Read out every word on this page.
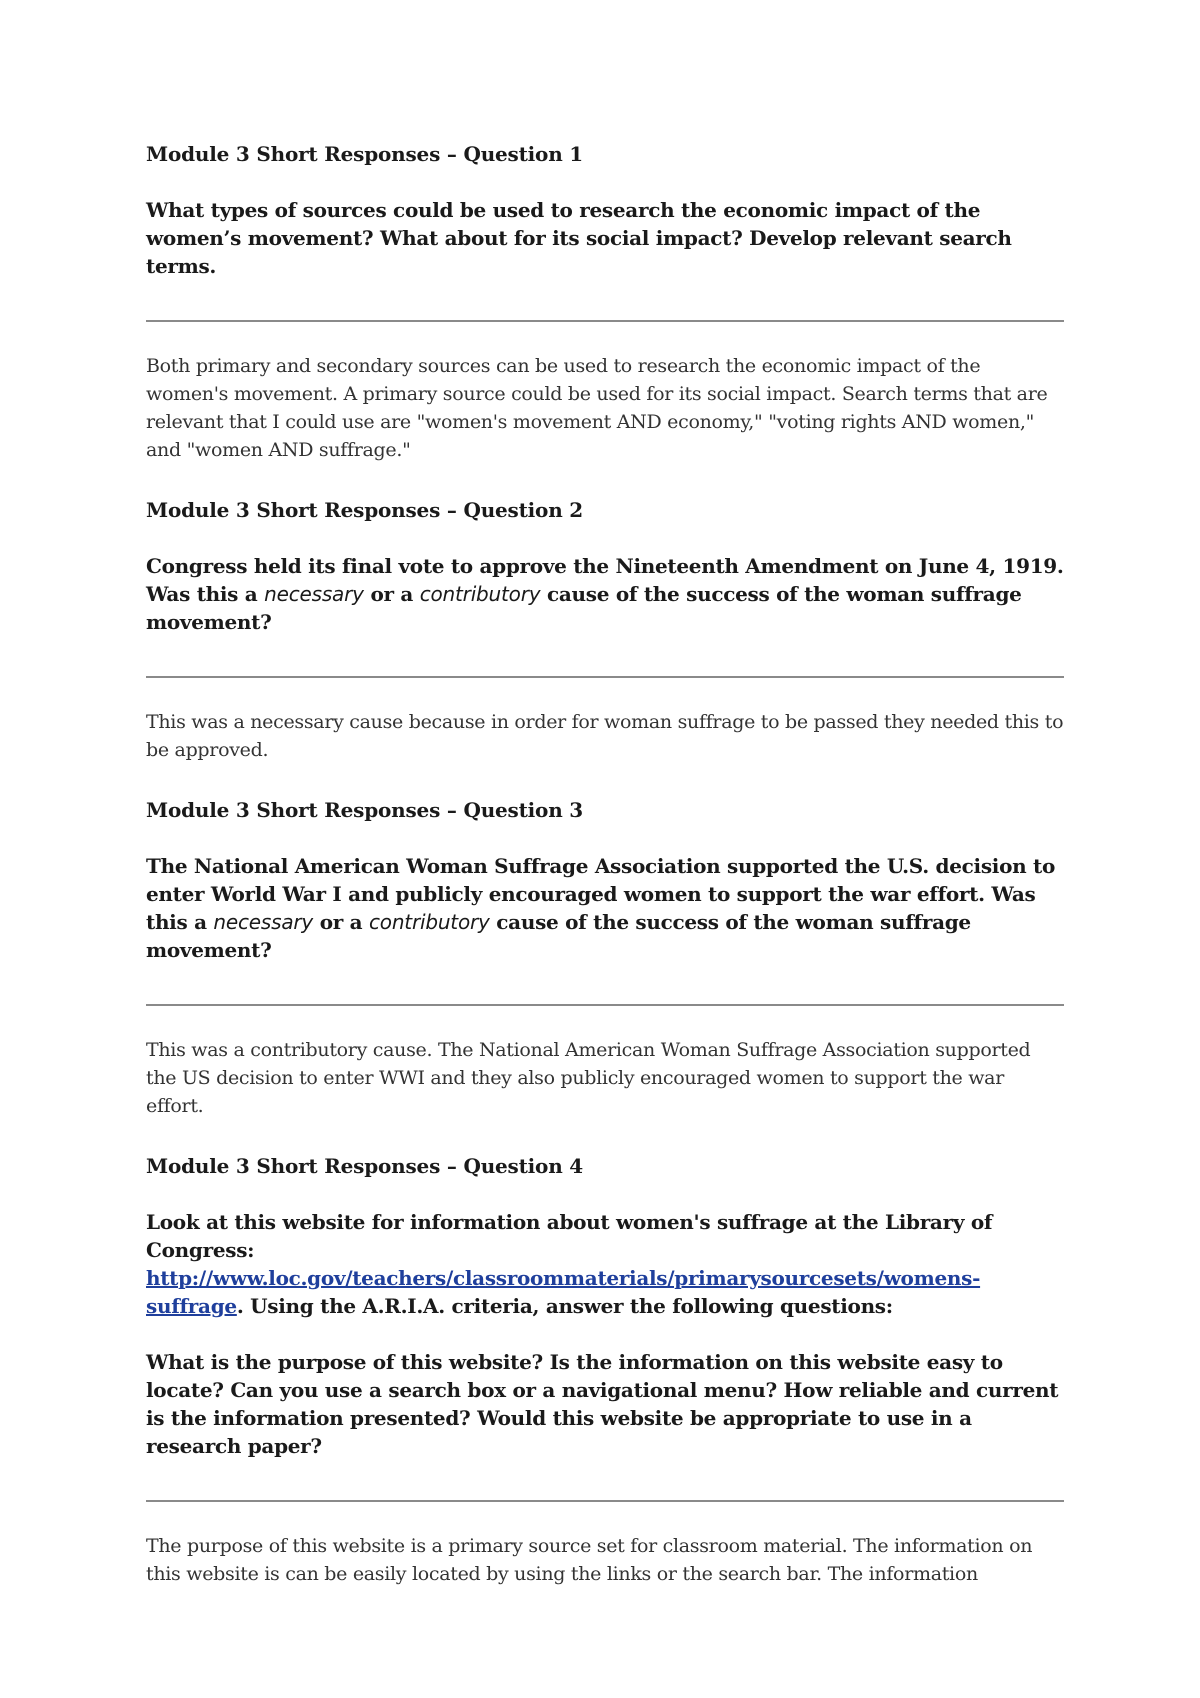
Module 3 Short Responses – Question 1

What types of sources could be used to research the economic impact of the women’s movement? What about for its social impact? Develop relevant search terms.

Both primary and secondary sources can be used to research the economic impact of the women's movement. A primary source could be used for its social impact. Search terms that are relevant that I could use are "women's movement AND economy," "voting rights AND women," and "women AND suffrage."

Module 3 Short Responses – Question 2

Congress held its final vote to approve the Nineteenth Amendment on June 4, 1919. Was this a necessary or a contributory cause of the success of the woman suffrage movement?

This was a necessary cause because in order for woman suffrage to be passed they needed this to be approved.

Module 3 Short Responses – Question 3

The National American Woman Suffrage Association supported the U.S. decision to enter World War I and publicly encouraged women to support the war effort. Was this a necessary or a contributory cause of the success of the woman suffrage movement?

This was a contributory cause. The National American Woman Suffrage Association supported the US decision to enter WWI and they also publicly encouraged women to support the war effort.

Module 3 Short Responses – Question 4

Look at this website for information about women's suffrage at the Library of Congress: http://www.loc.gov/teachers/classroommaterials/primarysourcesets/womens-suffrage. Using the A.R.I.A. criteria, answer the following questions:

What is the purpose of this website? Is the information on this website easy to locate? Can you use a search box or a navigational menu? How reliable and current is the information presented? Would this website be appropriate to use in a research paper?

The purpose of this website is a primary source set for classroom material. The information on this website is can be easily located by using the links or the search bar. The information
